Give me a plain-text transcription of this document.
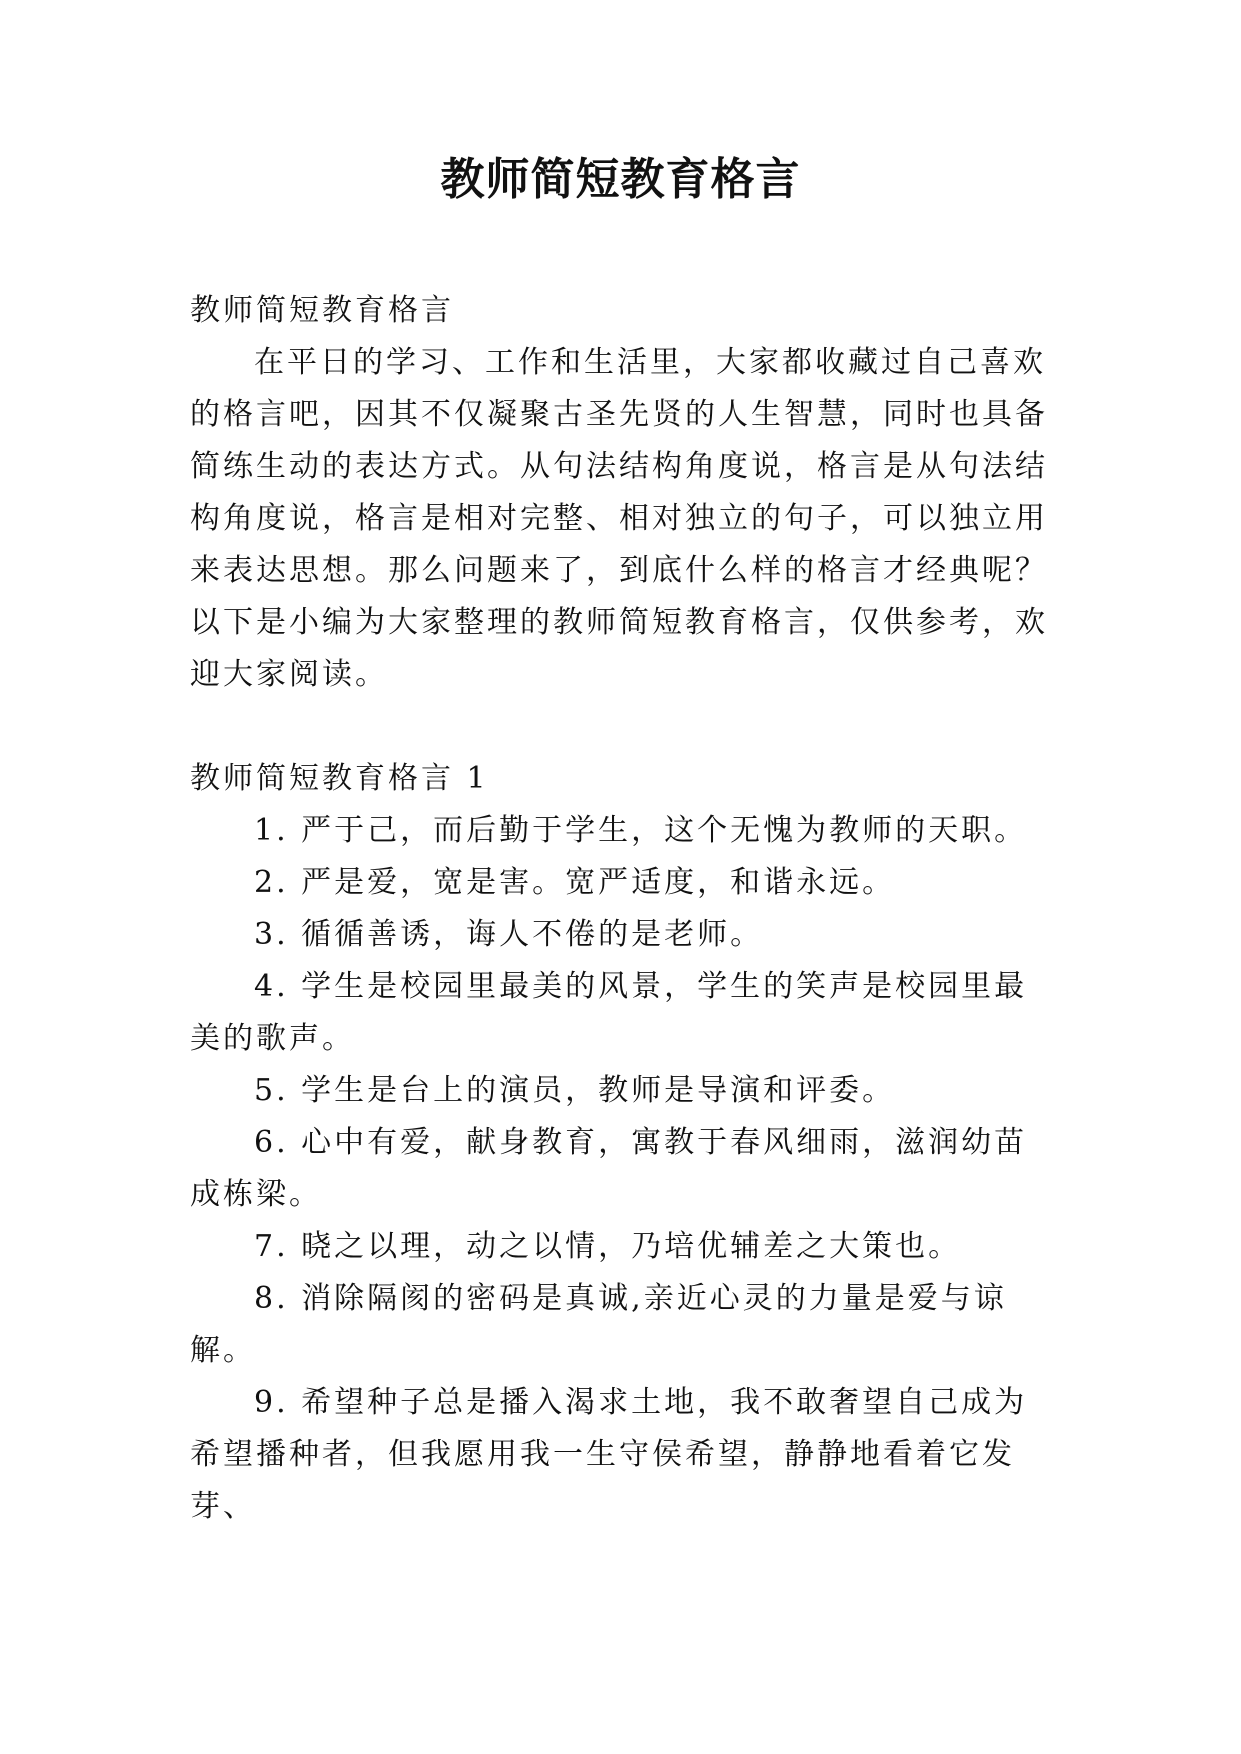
教师简短教育格言

教师简短教育格言

在平日的学习、工作和生活里，大家都收藏过自己喜欢的格言吧，因其不仅凝聚古圣先贤的人生智慧，同时也具备简练生动的表达方式。从句法结构角度说，格言是从句法结构角度说，格言是相对完整、相对独立的句子，可以独立用来表达思想。那么问题来了，到底什么样的格言才经典呢？以下是小编为大家整理的教师简短教育格言，仅供参考，欢迎大家阅读。

教师简短教育格言 1

1. 严于己，而后勤于学生，这个无愧为教师的天职。

2. 严是爱，宽是害。宽严适度，和谐永远。

3. 循循善诱，诲人不倦的是老师。

4. 学生是校园里最美的风景，学生的笑声是校园里最美的歌声。

5. 学生是台上的演员，教师是导演和评委。

6. 心中有爱，献身教育，寓教于春风细雨，滋润幼苗成栋梁。

7. 晓之以理，动之以情，乃培优辅差之大策也。

8. 消除隔阂的密码是真诚,亲近心灵的力量是爱与谅解。

9. 希望种子总是播入渴求土地，我不敢奢望自己成为希望播种者，但我愿用我一生守侯希望，静静地看着它发芽、
